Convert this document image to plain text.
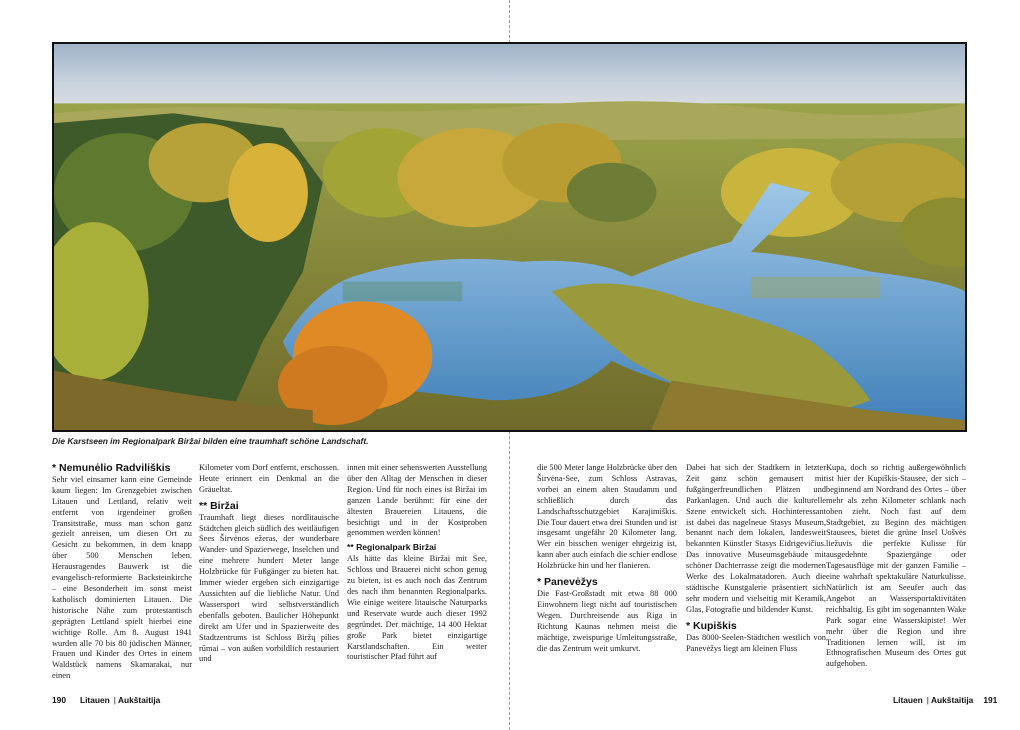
Die Karstseen im Regionalpark Biržai bilden eine traumhaft schöne Landschaft.
* Nemunėlio Radviliškis

Sehr viel einsamer kann eine Gemeinde kaum liegen: Im Grenzgebiet zwischen Litauen und Lettland, relativ weit entfernt von irgendeiner großen Transitstraße, muss man schon ganz gezielt anreisen, um diesen Ort zu Gesicht zu bekommen, in dem knapp über 500 Menschen leben. Herausragendes Bauwerk ist die evangelisch-reformierte Backsteinkirche – eine Besonderheit im sonst meist katholisch dominierten Litauen. Die historische Nähe zum protestantisch geprägten Lettland spielt hierbei eine wichtige Rolle. Am 8. August 1941 wurden alle 70 bis 80 jüdischen Männer, Frauen und Kinder des Ortes in einem Waldstück namens Skamarakai, nur einen

Kilometer vom Dorf entfernt, erschossen. Heute erinnert ein Denkmal an die Gräueltat.

** Biržai

Traumhaft liegt dieses nordlitauische Städtchen gleich südlich des weitläufigen Sees Širvėnos ežeras, der wunderbare Wander- und Spazierwege, Inselchen und eine mehrere hundert Meter lange Holzbrücke für Fußgänger zu bieten hat. Immer wieder ergeben sich einzigartige Aussichten auf die liebliche Natur. Und Wassersport wird selbstverständlich ebenfalls geboten. Baulicher Höhepunkt direkt am Ufer und in Spazierweite des Stadtzentrums ist Schloss Biržų pilies rūmai – von außen vorbildlich restauriert und

innen mit einer sehenswerten Ausstellung über den Alltag der Menschen in dieser Region. Und für noch eines ist Biržai im ganzen Lande berühmt: für eine der ältesten Brauereien Litauens, die besichtigt und in der Kostproben genommen werden können!

** Regionalpark Biržai

Als hätte das kleine Biržai mit See, Schloss und Brauerei nicht schon genug zu bieten, ist es auch noch das Zentrum des nach ihm benannten Regionalparks. Wie einige weitere litauische Naturparks und Reservate wurde auch dieser 1992 gegründet. Der mächtige, 14 400 Hektar große Park bietet einzigartige Karstlandschaften. Ein weiter touristischer Pfad führt auf

die 500 Meter lange Holzbrücke über den Širvėna-See, zum Schloss Astravas, vorbei an einem alten Staudamm und schließlich durch das Landschaftsschutzgebiet Karajimiškis. Die Tour dauert etwa drei Stunden und ist insgesamt ungefähr 20 Kilometer lang. Wer ein bisschen weniger ehrgeizig ist, kann aber auch einfach die schier endlose Holzbrücke hin und her flanieren.

* Panevėžys

Die Fast-Großstadt mit etwa 88 000 Einwohnern liegt nicht auf touristischen Wegen. Durchreisende aus Riga in Richtung Kaunas nehmen meist die mächtige, zweispurige Umleitungsstraße, die das Zentrum weit umkurvt.

Dabei hat sich der Stadtkern in letzter Zeit ganz schön gemausert mit fußgängerfreundlichen Plätzen und Parkanlagen. Und auch die kulturelle Szene entwickelt sich. Hochinteressant ist dabei das nagelneue Stasys Museum, benannt nach dem lokalen, landesweit bekannten Künstler Stasys Eidrigevičius. Das innovative Museumsgebäude mit schöner Dachterrasse zeigt die modernen Werke des Lokalmatadoren. Auch die städtische Kunstgalerie präsentiert sich sehr modern und vielseitig mit Keramik, Glas, Fotografie und bildender Kunst.

* Kupiškis

Das 8000-Seelen-Städtchen westlich von Panevėžys liegt am kleinen Fluss

Kupa, doch so richtig außergewöhnlich ist hier der Kupiškis-Stausee, der sich – beginnend am Nordrand des Ortes – über mehr als zehn Kilometer schlank nach oben zieht. Noch fast auf dem Stadtgebiet, zu Beginn des mächtigen Stausees, bietet die grüne Insel Uošvės liežuvis die perfekte Kulisse für ausgedehnte Spaziergänge oder Tagesausflüge mit der ganzen Familie – eine wahrhaft spektakuläre Naturkulisse. Natürlich ist am Seeufer auch das Angebot an Wassersportaktivitäten reichhaltig. Es gibt im sogenannten Wake Park sogar eine Wasserskipiste! Wer mehr über die Region und ihre Traditionen lernen will, ist im Ethnografischen Museum des Ortes gut aufgehoben.

190 Litauen | Aukštaitija	Litauen | Aukštaitija 191
